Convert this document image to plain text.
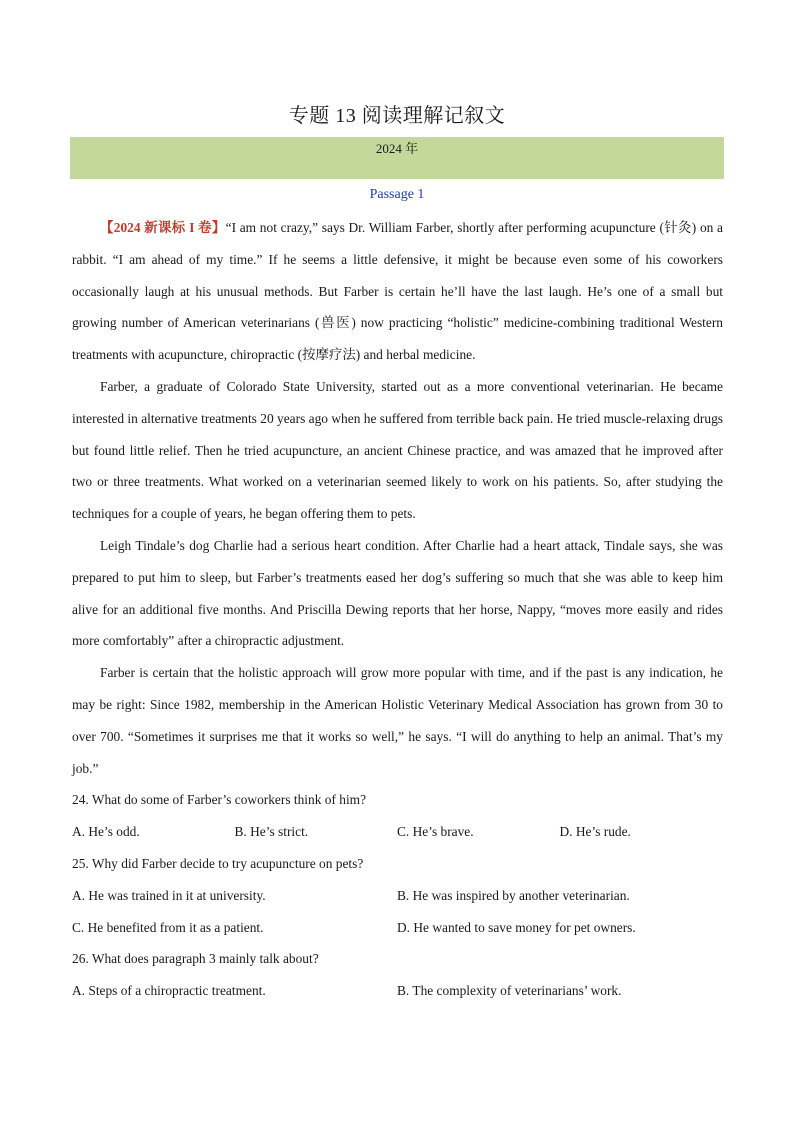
专题 13 阅读理解记叙文
2024 年
Passage 1

【2024 新课标 I 卷】“I am not crazy,” says Dr. William Farber, shortly after performing acupuncture (针灸) on a rabbit. “I am ahead of my time.” If he seems a little defensive, it might be because even some of his coworkers occasionally laugh at his unusual methods. But Farber is certain he’ll have the last laugh. He’s one of a small but growing number of American veterinarians (兽医) now practicing “holistic” medicine-combining traditional Western treatments with acupuncture, chiropractic (按摩疗法) and herbal medicine.

Farber, a graduate of Colorado State University, started out as a more conventional veterinarian. He became interested in alternative treatments 20 years ago when he suffered from terrible back pain. He tried muscle-relaxing drugs but found little relief. Then he tried acupuncture, an ancient Chinese practice, and was amazed that he improved after two or three treatments. What worked on a veterinarian seemed likely to work on his patients. So, after studying the techniques for a couple of years, he began offering them to pets.

Leigh Tindale’s dog Charlie had a serious heart condition. After Charlie had a heart attack, Tindale says, she was prepared to put him to sleep, but Farber’s treatments eased her dog’s suffering so much that she was able to keep him alive for an additional five months. And Priscilla Dewing reports that her horse, Nappy, “moves more easily and rides more comfortably” after a chiropractic adjustment.

Farber is certain that the holistic approach will grow more popular with time, and if the past is any indication, he may be right: Since 1982, membership in the American Holistic Veterinary Medical Association has grown from 30 to over 700. “Sometimes it surprises me that it works so well,” he says. “I will do anything to help an animal. That’s my job.”

24. What do some of Farber’s coworkers think of him?

A. He’s odd.	B. He’s strict.	C. He’s brave.	D. He’s rude.

25. Why did Farber decide to try acupuncture on pets?

A. He was trained in it at university.	B. He was inspired by another veterinarian.
C. He benefited from it as a patient.	D. He wanted to save money for pet owners.

26. What does paragraph 3 mainly talk about?

A. Steps of a chiropractic treatment.	B. The complexity of veterinarians’ work.
